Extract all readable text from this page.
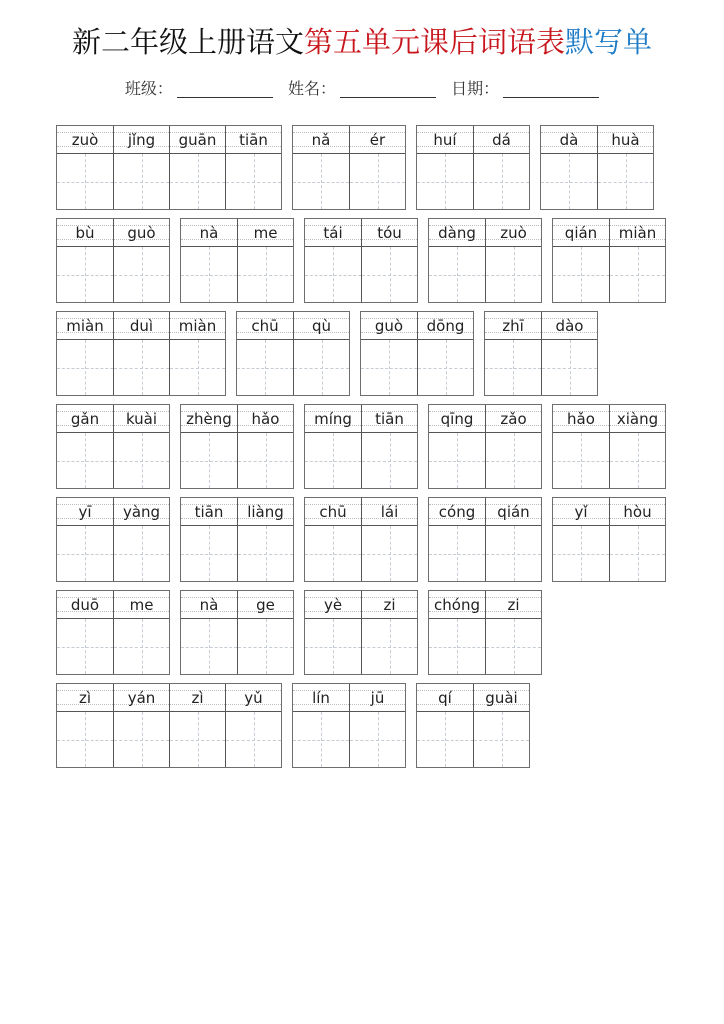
新二年级上册语文第五单元课后词语表默写单
班级：	姓名：	日期：
zuò jǐng guān tiān	nǎ	ér	huí dá	dà huà
bù guò	nà me	tái tóu dàng zuò	qián miàn
miàn duì miàn chū qù	guò dōng	zhī dào
gǎn kuài zhèng hǎo míng tiān qīng zǎo	hǎo xiàng
yī yàng tiān liàng chū lái	cóng qián	yǐ hòu
duō me	nà	ge	yè	zi	chóng zi
zì yán zì	yǔ	lín	jū	qí guài
